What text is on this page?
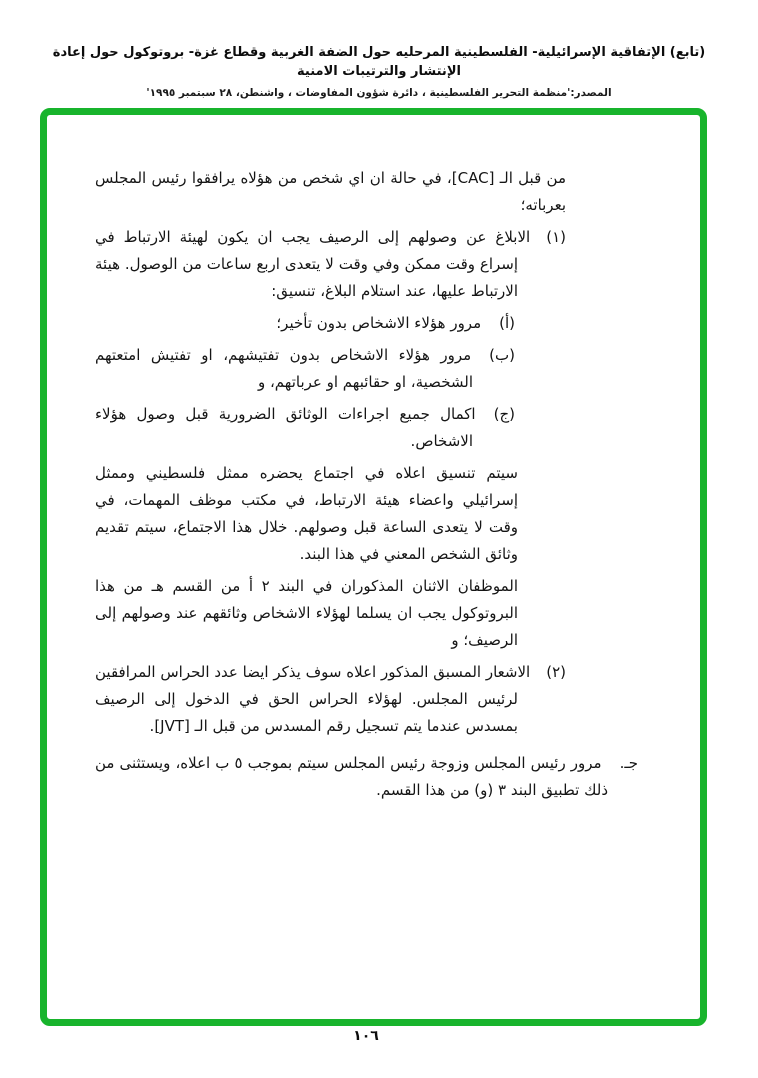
(تابع) الإتفاقية الإسرائيلية- الفلسطينية المرحليه حول الضفة الغربية وقطاع غزة- بروتوكول حول إعادة الإنتشار والترتيبات الامنية
المصدر:'منظمة التحرير الفلسطينية ، دائرة شؤون المفاوضات ، واشنطن، ٢٨ سبتمبر ١٩٩٥'
من قبل الـ [CAC]، في حالة ان اي شخص من هؤلاه يرافقوا رئيس المجلس بعرباته؛
(١)الابلاغ عن وصولهم إلى الرصيف يجب ان يكون لهيئة الارتباط في إسراع وقت ممكن وفي وقت لا يتعدى اربع ساعات من الوصول. هيئة الارتباط عليها، عند استلام البلاغ، تنسيق:
(أ)مرور هؤلاء الاشخاص بدون تأخير؛
(ب)مرور هؤلاء الاشخاص بدون تفتيشهم، او تفتيش امتعتهم الشخصية، او حقائبهم او عرباتهم، و
(ج)اكمال جميع اجراءات الوثائق الضرورية قبل وصول هؤلاء الاشخاص.
سيتم تنسيق اعلاه في اجتماع يحضره ممثل فلسطيني وممثل إسرائيلي واعضاء هيئة الارتباط، في مكتب موظف المهمات، في وقت لا يتعدى الساعة قبل وصولهم. خلال هذا الاجتماع، سيتم تقديم وثائق الشخص المعني في هذا البند.
الموظفان الاثنان المذكوران في البند ٢ أ من القسم هـ من هذا البروتوكول يجب ان يسلما لهؤلاء الاشخاص وثائقهم عند وصولهم إلى الرصيف؛ و
(٢)الاشعار المسبق المذكور اعلاه سوف يذكر ايضا عدد الحراس المرافقين لرئيس المجلس. لهؤلاء الحراس الحق في الدخول إلى الرصيف بمسدس عندما يتم تسجيل رقم المسدس من قبل الـ [JVT].
جـ.مرور رئيس المجلس وزوجة رئيس المجلس سيتم بموجب ٥ ب اعلاه، ويستثنى من ذلك تطبيق البند ٣ (و) من هذا القسم.
١٠٦
